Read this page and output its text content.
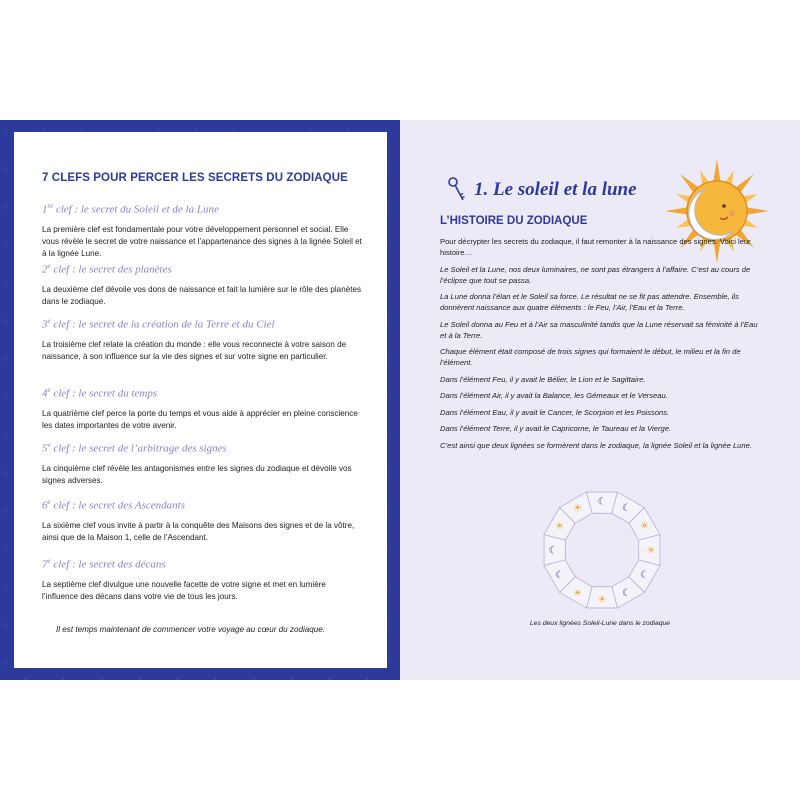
7 CLEFS POUR PERCER LES SECRETS DU ZODIAQUE
1re clef : le secret du Soleil et de la Lune
La première clef est fondamentale pour votre développement personnel et social. Elle vous révèle le secret de votre naissance et l’appartenance des signes à la lignée Soleil et à la lignée Lune.
2e clef : le secret des planètes
La deuxième clef dévoile vos dons de naissance et fait la lumière sur le rôle des planètes dans le zodiaque.
3e clef : le secret de la création de la Terre et du Ciel
La troisième clef relate la création du monde : elle vous reconnecte à votre saison de naissance, à son influence sur la vie des signes et sur votre signe en particulier.
4e clef : le secret du temps
La quatrième clef perce la porte du temps et vous aide à apprécier en pleine conscience les dates importantes de votre avenir.
5e clef : le secret de l’arbitrage des signes
La cinquième clef révèle les antagonismes entre les signes du zodiaque et dévoile vos signes adverses.
6e clef : le secret des Ascendants
La sixième clef vous invite à partir à la conquête des Maisons des signes et de la vôtre, ainsi que de la Maison 1, celle de l’Ascendant.
7e clef : le secret des décans
La septième clef divulgue une nouvelle facette de votre signe et met en lumière l’influence des décans dans votre vie de tous les jours.
Il est temps maintenant de commencer votre voyage au cœur du zodiaque.
1. Le soleil et la lune
L’HISTOIRE DU ZODIAQUE

Pour décrypter les secrets du zodiaque, il faut remonter à la naissance des signes. Voici leur histoire…

Le Soleil et la Lune, nos deux luminaires, ne sont pas étrangers à l’affaire. C’est au cours de l’éclipse que tout se passa.

La Lune donna l’élan et le Soleil sa force. Le résultat ne se fit pas attendre. Ensemble, ils donnèrent naissance aux quatre éléments : le Feu, l’Air, l’Eau et la Terre.

Le Soleil donna au Feu et à l’Air sa masculinité tandis que la Lune réservait sa féminité à l’Eau et à la Terre.

Chaque élément était composé de trois signes qui formaient le début, le milieu et la fin de l’élément.

Dans l’élément Feu, il y avait le Bélier, le Lion et le Sagittaire.

Dans l’élément Air, il y avait la Balance, les Gémeaux et le Verseau.

Dans l’élément Eau, il y avait le Cancer, le Scorpion et les Poissons.

Dans l’élément Terre, il y avait le Capricorne, le Taureau et la Vierge.

C’est ainsi que deux lignées se formèrent dans le zodiaque, la lignée Soleil et la lignée Lune.

☾
☾
☀
☀
☾
☾
☀
☀
☾
☾
☀
☀
Les deux lignées Soleil-Lune dans le zodiaque
